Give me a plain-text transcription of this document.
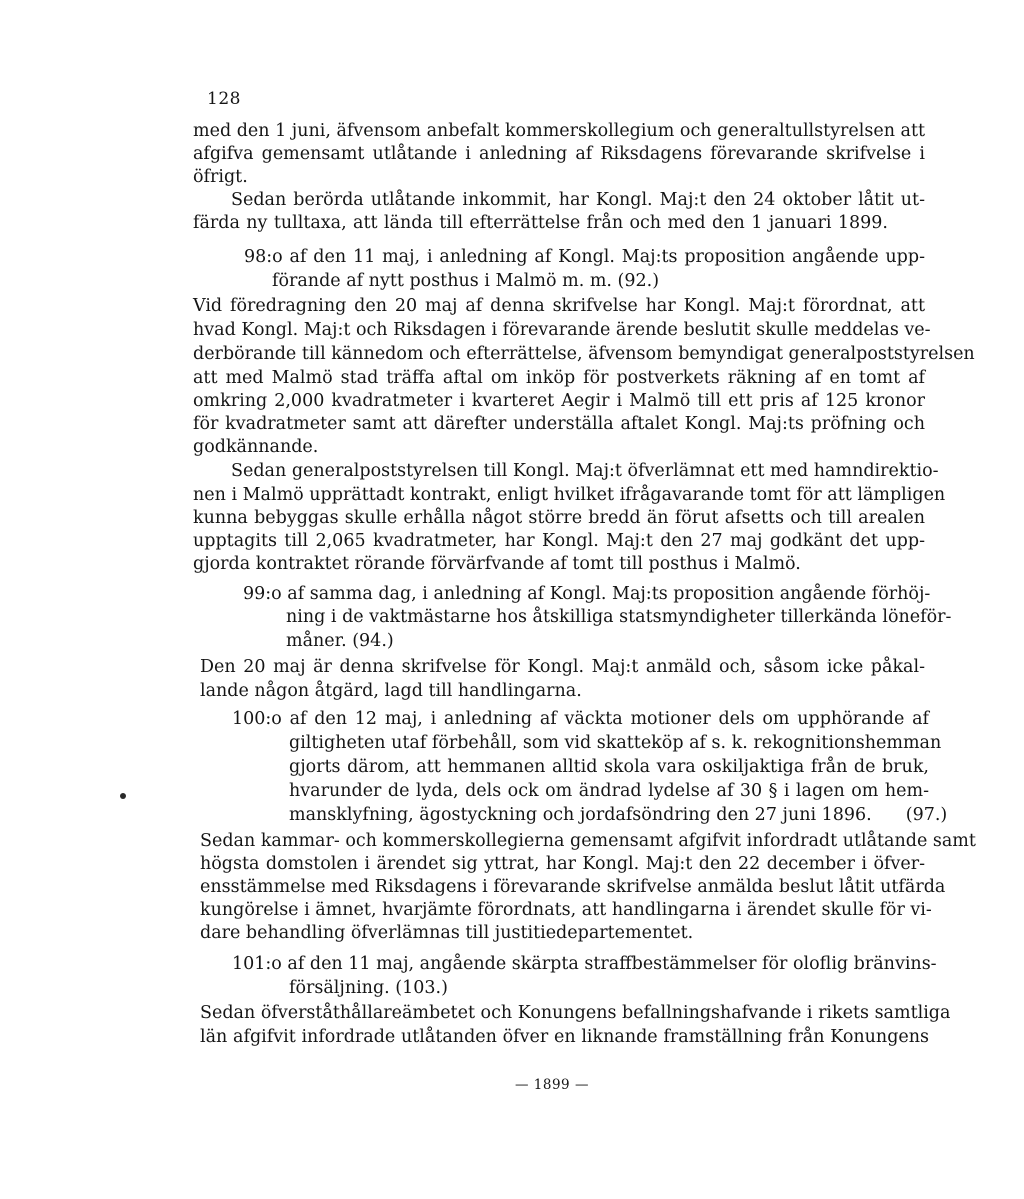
128
med den 1 juni, äfvensom anbefalt kommerskollegium och generaltullstyrelsen att
afgifva gemensamt utlåtande i anledning af Riksdagens förevarande skrifvelse i
öfrigt.
Sedan berörda utlåtande inkommit, har Kongl. Maj:t den 24 oktober låtit ut-
färda ny tulltaxa, att lända till efterrättelse från och med den 1 januari 1899.
98:o af den 11 maj, i anledning af Kongl. Maj:ts proposition angående upp-
förande af nytt posthus i Malmö m. m. (92.)
Vid föredragning den 20 maj af denna skrifvelse har Kongl. Maj:t förordnat, att
hvad Kongl. Maj:t och Riksdagen i förevarande ärende beslutit skulle meddelas ve-
derbörande till kännedom och efterrättelse, äfvensom bemyndigat generalpoststyrelsen
att med Malmö stad träffa aftal om inköp för postverkets räkning af en tomt af
omkring 2,000 kvadratmeter i kvarteret Aegir i Malmö till ett pris af 125 kronor
för kvadratmeter samt att därefter underställa aftalet Kongl. Maj:ts pröfning och
godkännande.
Sedan generalpoststyrelsen till Kongl. Maj:t öfverlämnat ett med hamndirektio-
nen i Malmö upprättadt kontrakt, enligt hvilket ifrågavarande tomt för att lämpligen
kunna bebyggas skulle erhålla något större bredd än förut afsetts och till arealen
upptagits till 2,065 kvadratmeter, har Kongl. Maj:t den 27 maj godkänt det upp-
gjorda kontraktet rörande förvärfvande af tomt till posthus i Malmö.
99:o af samma dag, i anledning af Kongl. Maj:ts proposition angående förhöj-
ning i de vaktmästarne hos åtskilliga statsmyndigheter tillerkända löneför-
måner. (94.)
Den 20 maj är denna skrifvelse för Kongl. Maj:t anmäld och, såsom icke påkal-
lande någon åtgärd, lagd till handlingarna.
100:o af den 12 maj, i anledning af väckta motioner dels om upphörande af
giltigheten utaf förbehåll, som vid skatteköp af s. k. rekognitionshemman
gjorts därom, att hemmanen alltid skola vara oskiljaktiga från de bruk,
hvarunder de lyda, dels ock om ändrad lydelse af 30 § i lagen om hem-
mansklyfning, ägostyckning och jordafsöndring den 27 juni 1896. (97.)
Sedan kammar- och kommerskollegierna gemensamt afgifvit infordradt utlåtande samt
högsta domstolen i ärendet sig yttrat, har Kongl. Maj:t den 22 december i öfver-
ensstämmelse med Riksdagens i förevarande skrifvelse anmälda beslut låtit utfärda
kungörelse i ämnet, hvarjämte förordnats, att handlingarna i ärendet skulle för vi-
dare behandling öfverlämnas till justitiedepartementet.
101:o af den 11 maj, angående skärpta straffbestämmelser för oloflig bränvins-
försäljning. (103.)
Sedan öfverståthållareämbetet och Konungens befallningshafvande i rikets samtliga
län afgifvit infordrade utlåtanden öfver en liknande framställning från Konungens
— 1899 —
